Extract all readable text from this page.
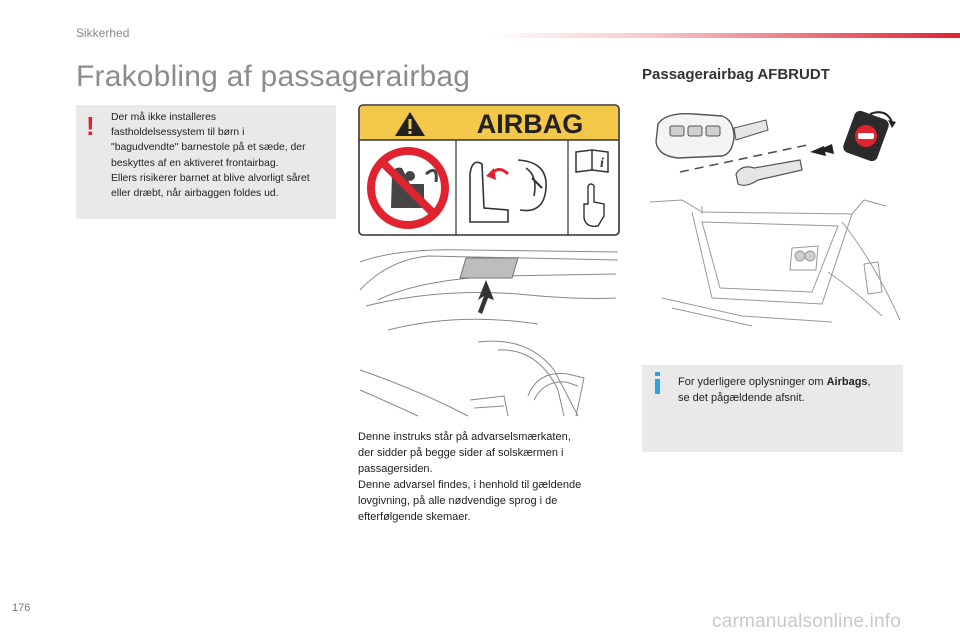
Sikkerhed
Frakobling af passagerairbag	Passagerairbag AFBRUDT
! Der må ikke installeres
fastholdelsessystem til børn i
"bagudvendte" barnestole på et sæde, der
beskyttes af en aktiveret frontairbag.
Ellers risikerer barnet at blive alvorligt såret
eller dræbt, når airbaggen foldes ud.
AIRBAG
i

Denne instruks står på advarselsmærkaten,

der sidder på begge sider af solskærmen i

passagersiden.

Denne advarsel findes, i henhold til gældende

lovgivning, på alle nødvendige sprog i de

efterfølgende skemaer.

For yderligere oplysninger om Airbags,
se det pågældende afsnit.
176
carmanualsonline.info
